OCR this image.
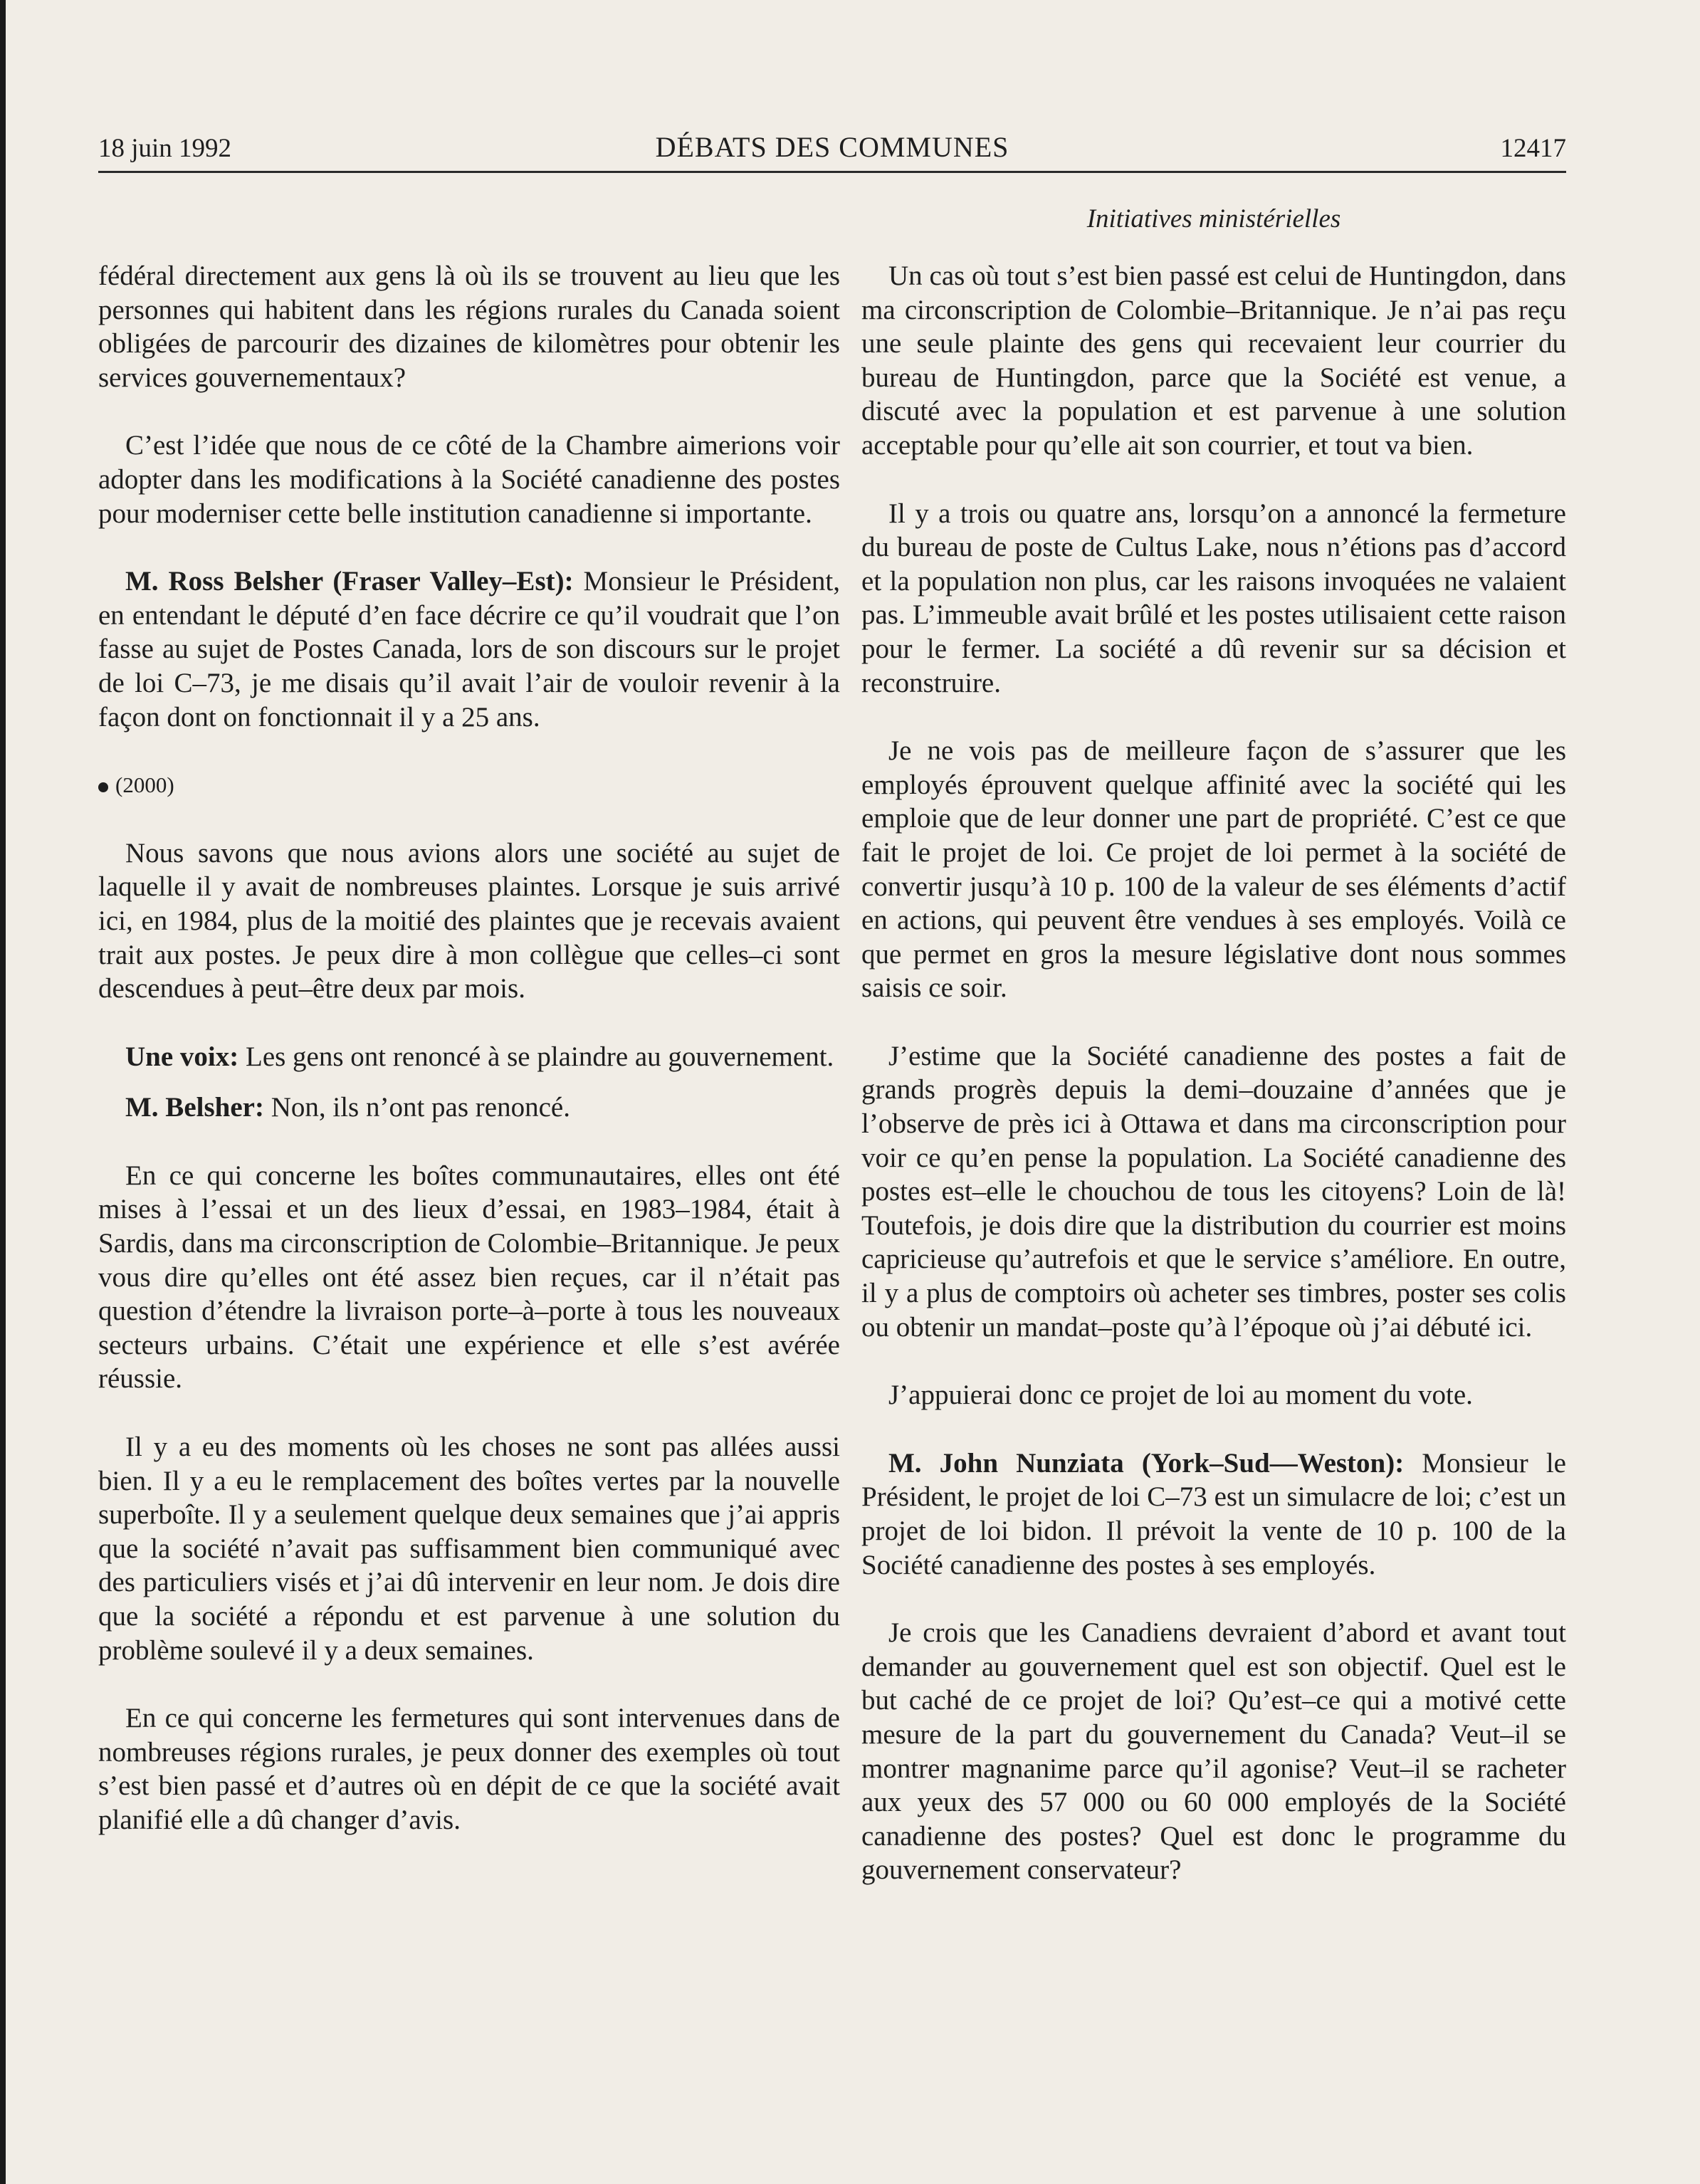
18 juin 1992	DÉBATS DES COMMUNES	12417
Initiatives ministérielles

fédéral directement aux gens là où ils se trouvent au lieu que les personnes qui habitent dans les régions rurales du Canada soient obligées de parcourir des dizaines de kilomètres pour obtenir les services gouvernementaux?

C’est l’idée que nous de ce côté de la Chambre aimerions voir adopter dans les modifications à la Société canadienne des postes pour moderniser cette belle institution canadienne si importante.

M. Ross Belsher (Fraser Valley–Est): Monsieur le Président, en entendant le député d’en face décrire ce qu’il voudrait que l’on fasse au sujet de Postes Canada, lors de son discours sur le projet de loi C–73, je me disais qu’il avait l’air de vouloir revenir à la façon dont on fonctionnait il y a 25 ans.

(2000)

Nous savons que nous avions alors une société au sujet de laquelle il y avait de nombreuses plaintes. Lorsque je suis arrivé ici, en 1984, plus de la moitié des plaintes que je recevais avaient trait aux postes. Je peux dire à mon collègue que celles–ci sont descendues à peut–être deux par mois.

Une voix: Les gens ont renoncé à se plaindre au gouvernement.

M. Belsher: Non, ils n’ont pas renoncé.

En ce qui concerne les boîtes communautaires, elles ont été mises à l’essai et un des lieux d’essai, en 1983–1984, était à Sardis, dans ma circonscription de Colombie–Britannique. Je peux vous dire qu’elles ont été assez bien reçues, car il n’était pas question d’étendre la livraison porte–à–porte à tous les nouveaux secteurs urbains. C’était une expérience et elle s’est avérée réussie.

Il y a eu des moments où les choses ne sont pas allées aussi bien. Il y a eu le remplacement des boîtes vertes par la nouvelle superboîte. Il y a seulement quelque deux semaines que j’ai appris que la société n’avait pas suffisamment bien communiqué avec des particuliers visés et j’ai dû intervenir en leur nom. Je dois dire que la société a répondu et est parvenue à une solution du problème soulevé il y a deux semaines.

En ce qui concerne les fermetures qui sont intervenues dans de nombreuses régions rurales, je peux donner des exemples où tout s’est bien passé et d’autres où en dépit de ce que la société avait planifié elle a dû changer d’avis.

Un cas où tout s’est bien passé est celui de Huntingdon, dans ma circonscription de Colombie–Britannique. Je n’ai pas reçu une seule plainte des gens qui recevaient leur courrier du bureau de Huntingdon, parce que la Société est venue, a discuté avec la population et est parvenue à une solution acceptable pour qu’elle ait son courrier, et tout va bien.

Il y a trois ou quatre ans, lorsqu’on a annoncé la fermeture du bureau de poste de Cultus Lake, nous n’étions pas d’accord et la population non plus, car les raisons invoquées ne valaient pas. L’immeuble avait brûlé et les postes utilisaient cette raison pour le fermer. La société a dû revenir sur sa décision et reconstruire.

Je ne vois pas de meilleure façon de s’assurer que les employés éprouvent quelque affinité avec la société qui les emploie que de leur donner une part de propriété. C’est ce que fait le projet de loi. Ce projet de loi permet à la société de convertir jusqu’à 10 p. 100 de la valeur de ses éléments d’actif en actions, qui peuvent être vendues à ses employés. Voilà ce que permet en gros la mesure législative dont nous sommes saisis ce soir.

J’estime que la Société canadienne des postes a fait de grands progrès depuis la demi–douzaine d’années que je l’observe de près ici à Ottawa et dans ma circonscription pour voir ce qu’en pense la population. La Société canadienne des postes est–elle le chouchou de tous les citoyens? Loin de là! Toutefois, je dois dire que la distribution du courrier est moins capricieuse qu’autrefois et que le service s’améliore. En outre, il y a plus de comptoirs où acheter ses timbres, poster ses colis ou obtenir un mandat–poste qu’à l’époque où j’ai débuté ici.

J’appuierai donc ce projet de loi au moment du vote.

M. John Nunziata (York–Sud—Weston): Monsieur le Président, le projet de loi C–73 est un simulacre de loi; c’est un projet de loi bidon. Il prévoit la vente de 10 p. 100 de la Société canadienne des postes à ses employés.

Je crois que les Canadiens devraient d’abord et avant tout demander au gouvernement quel est son objectif. Quel est le but caché de ce projet de loi? Qu’est–ce qui a motivé cette mesure de la part du gouvernement du Canada? Veut–il se montrer magnanime parce qu’il agonise? Veut–il se racheter aux yeux des 57 000 ou 60 000 employés de la Société canadienne des postes? Quel est donc le programme du gouvernement conservateur?
